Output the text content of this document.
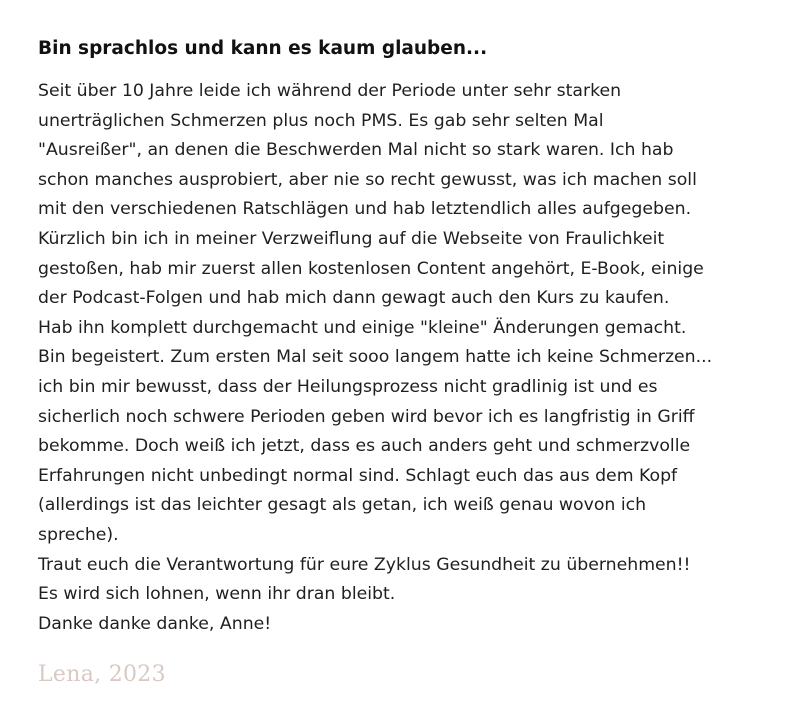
Bin sprachlos und kann es kaum glauben...

Seit über 10 Jahre leide ich während der Periode unter sehr starken
unerträglichen Schmerzen plus noch PMS. Es gab sehr selten Mal
"Ausreißer", an denen die Beschwerden Mal nicht so stark waren. Ich hab
schon manches ausprobiert, aber nie so recht gewusst, was ich machen soll
mit den verschiedenen Ratschlägen und hab letztendlich alles aufgegeben.
Kürzlich bin ich in meiner Verzweiflung auf die Webseite von Fraulichkeit
gestoßen, hab mir zuerst allen kostenlosen Content angehört, E-Book, einige
der Podcast-Folgen und hab mich dann gewagt auch den Kurs zu kaufen.
Hab ihn komplett durchgemacht und einige "kleine" Änderungen gemacht.
Bin begeistert. Zum ersten Mal seit sooo langem hatte ich keine Schmerzen...
ich bin mir bewusst, dass der Heilungsprozess nicht gradlinig ist und es
sicherlich noch schwere Perioden geben wird bevor ich es langfristig in Griff
bekomme. Doch weiß ich jetzt, dass es auch anders geht und schmerzvolle
Erfahrungen nicht unbedingt normal sind. Schlagt euch das aus dem Kopf
(allerdings ist das leichter gesagt als getan, ich weiß genau wovon ich
spreche).
Traut euch die Verantwortung für eure Zyklus Gesundheit zu übernehmen!!
Es wird sich lohnen, wenn ihr dran bleibt.
Danke danke danke, Anne!

Lena, 2023
